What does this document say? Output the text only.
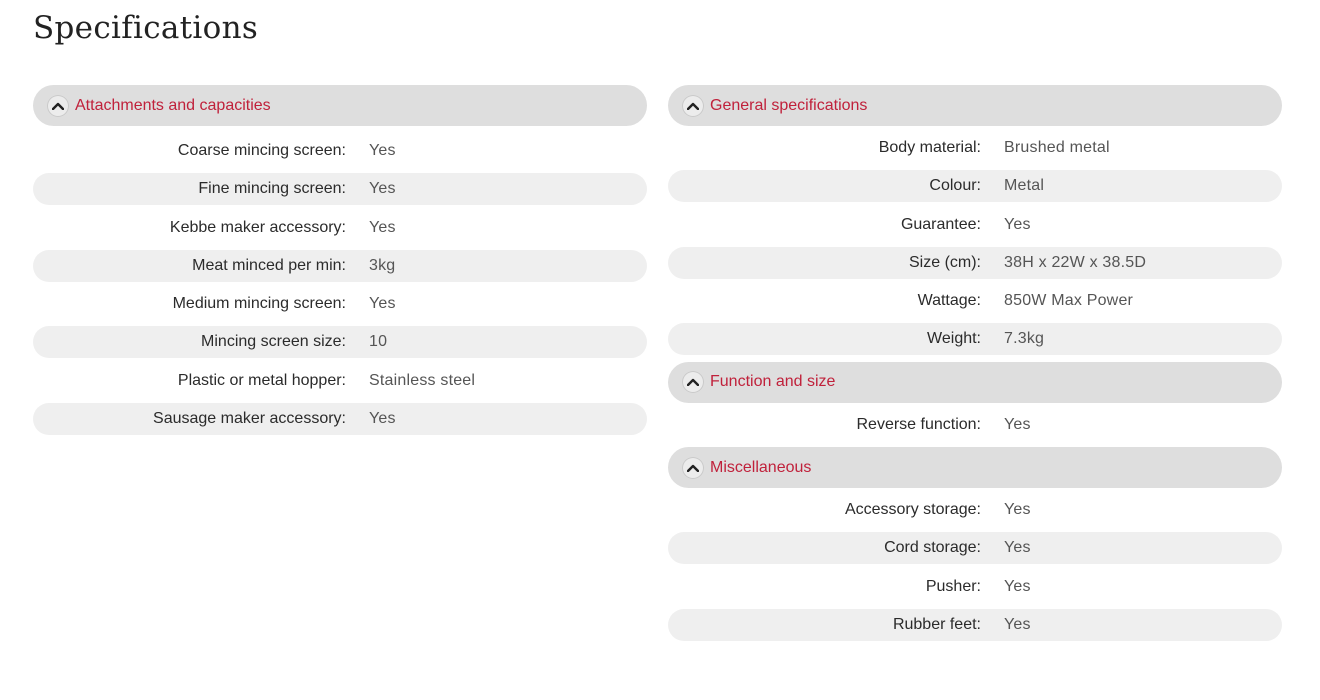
Specifications
Attachments and capacities
Coarse mincing screen:	Yes
Fine mincing screen:	Yes
Kebbe maker accessory:	Yes
Meat minced per min:	3kg
Medium mincing screen:	Yes
Mincing screen size:	10
Plastic or metal hopper:	Stainless steel
Sausage maker accessory:	Yes
General specifications
Body material:	Brushed metal
Colour:	Metal
Guarantee:	Yes
Size (cm):	38H x 22W x 38.5D
Wattage:	850W Max Power
Weight:	7.3kg
Function and size
Reverse function:	Yes
Miscellaneous
Accessory storage:	Yes
Cord storage:	Yes
Pusher:	Yes
Rubber feet:	Yes
